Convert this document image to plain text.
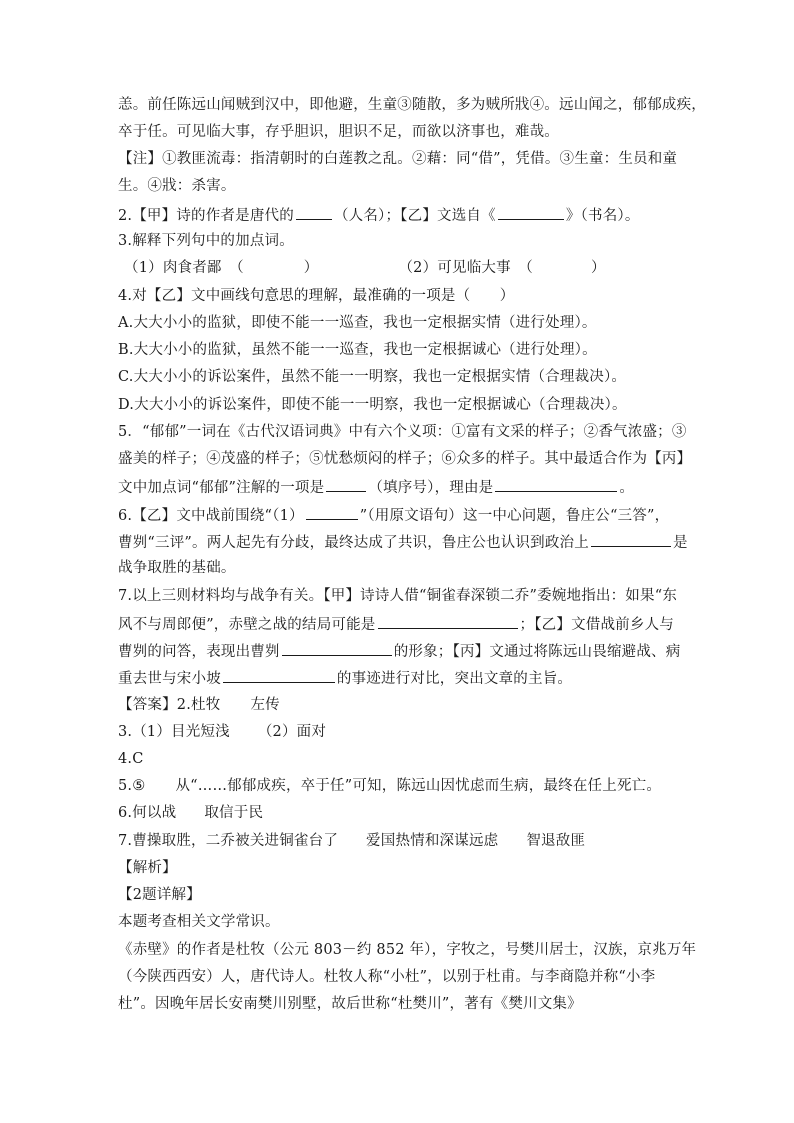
恙。前任陈远山闻贼到汉中，即他避，生童③随散，多为贼所戕④。远山闻之，郁郁成疾，
卒于任。可见临大事，存乎胆识，胆识不足，而欲以济事也，难哉。
【注】①教匪流毒：指清朝时的白莲教之乱。②藉：同“借”，凭借。③生童：生员和童
生。④戕：杀害。
2.【甲】诗的作者是唐代的	（人名）；【乙】文选自《	》（书名）。
3.解释下列句中的加点词。
（1）肉食者鄙　（	）	（2）可见临大事　（	）
4.对【乙】文中画线句意思的理解，最准确的一项是（　　）
A.大大小小的监狱，即使不能一一巡查，我也一定根据实情（进行处理）。
B.大大小小的监狱，虽然不能一一巡查，我也一定根据诚心（进行处理）。
C.大大小小的诉讼案件，虽然不能一一明察，我也一定根据实情（合理裁决）。
D.大大小小的诉讼案件，即使不能一一明察，我也一定根据诚心（合理裁决）。
5．“郁郁”一词在《古代汉语词典》中有六个义项：①富有文采的样子；②香气浓盛；③
盛美的样子；④茂盛的样子；⑤忧愁烦闷的样子；⑥众多的样子。其中最适合作为【丙】
文中加点词“郁郁”注解的一项是	（填序号），理由是	。
6.【乙】文中战前围绕“（1）	”（用原文语句）这一中心问题，鲁庄公“三答”，
曹刿“三评”。两人起先有分歧，最终达成了共识，鲁庄公也认识到政治上	是
战争取胜的基础。
7.以上三则材料均与战争有关。【甲】诗诗人借“铜雀春深锁二乔”委婉地指出：如果“东
风不与周郎便”，赤壁之战的结局可能是	；【乙】文借战前乡人与
曹刿的问答，表现出曹刿	的形象；【丙】文通过将陈远山畏缩避战、病
重去世与宋小坡	的事迹进行对比，突出文章的主旨。
【答案】2.杜牧 左传
3.（1）目光短浅 （2）面对
4.C
5.⑤ 从“……郁郁成疾，卒于任”可知，陈远山因忧虑而生病，最终在任上死亡。
6.何以战 取信于民
7.曹操取胜，二乔被关进铜雀台了 爱国热情和深谋远虑 智退敌匪
【解析】
【2题详解】
本题考查相关文学常识。
《赤壁》的作者是杜牧（公元 803－约 852 年），字牧之，号樊川居士，汉族，京兆万年
（今陕西西安）人，唐代诗人。杜牧人称“小杜”，以别于杜甫。与李商隐并称“小李
杜”。因晚年居长安南樊川别墅，故后世称“杜樊川”，著有《樊川文集》
